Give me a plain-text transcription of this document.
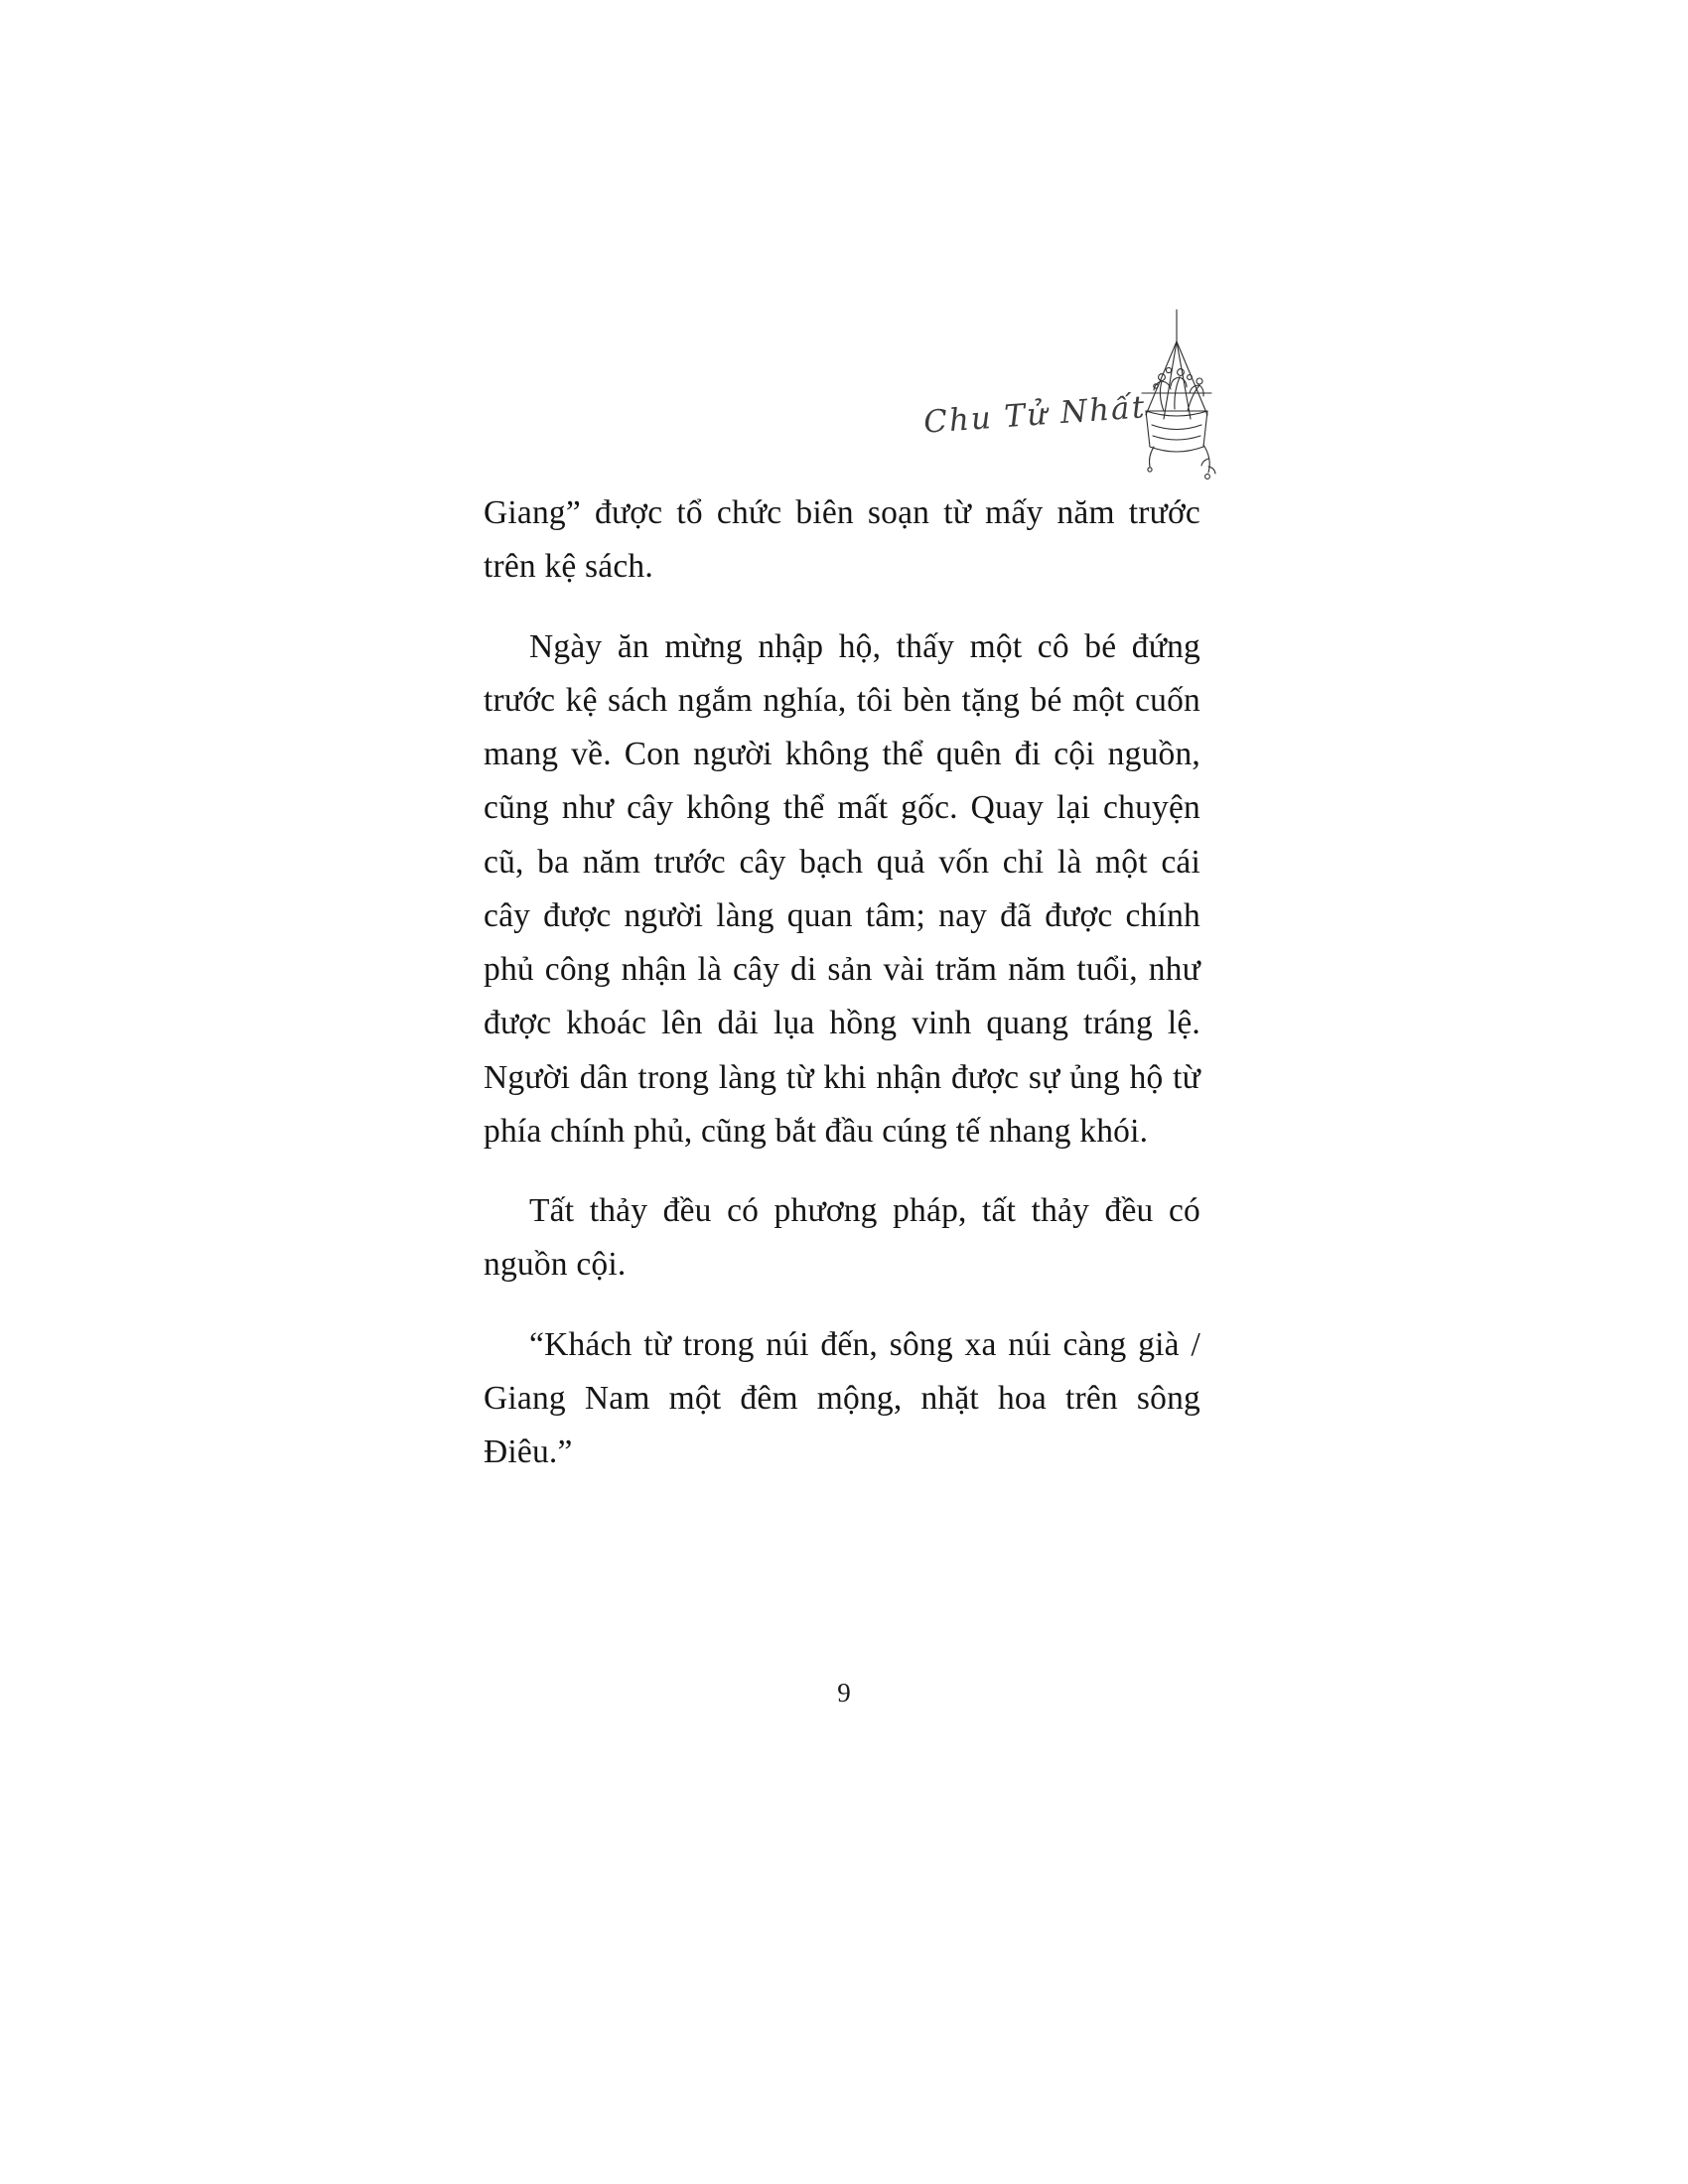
Chu Tử Nhất

Giang” được tổ chức biên soạn từ mấy năm trước trên kệ sách.

Ngày ăn mừng nhập hộ, thấy một cô bé đứng trước kệ sách ngắm nghía, tôi bèn tặng bé một cuốn mang về. Con người không thể quên đi cội nguồn, cũng như cây không thể mất gốc. Quay lại chuyện cũ, ba năm trước cây bạch quả vốn chỉ là một cái cây được người làng quan tâm; nay đã được chính phủ công nhận là cây di sản vài trăm năm tuổi, như được khoác lên dải lụa hồng vinh quang tráng lệ. Người dân trong làng từ khi nhận được sự ủng hộ từ phía chính phủ, cũng bắt đầu cúng tế nhang khói.

Tất thảy đều có phương pháp, tất thảy đều có nguồn cội.

“Khách từ trong núi đến, sông xa núi càng già / Giang Nam một đêm mộng, nhặt hoa trên sông Điêu.”

9
